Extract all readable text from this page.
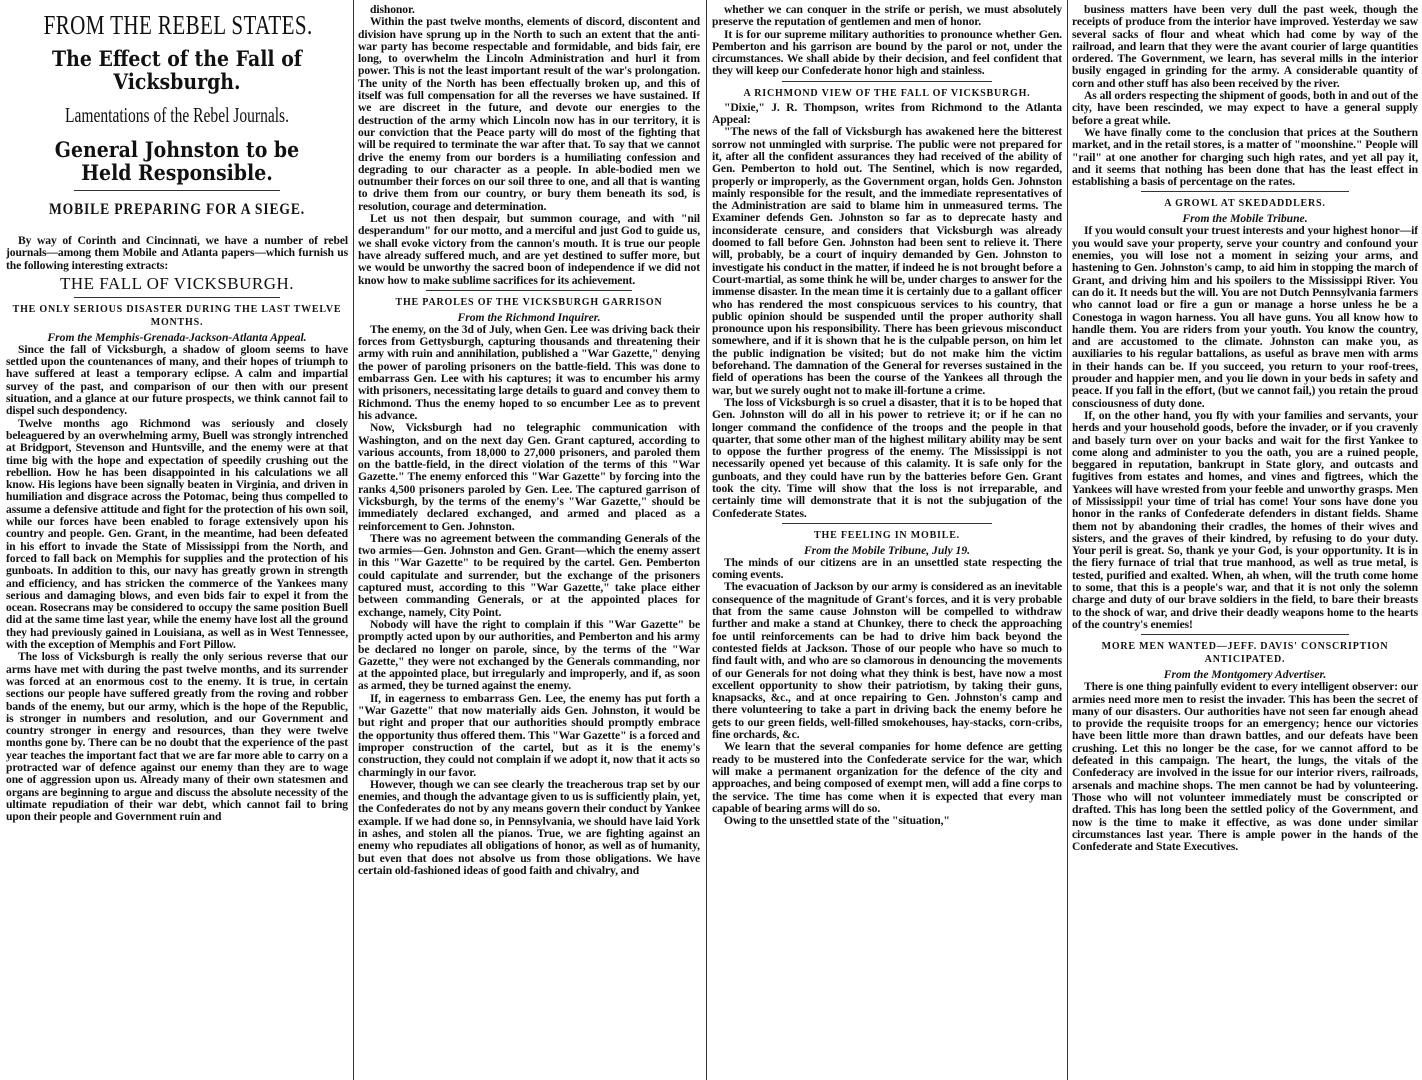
FROM THE REBEL STATES.
The Effect of the Fall of Vicksburgh.
Lamentations of the Rebel Journals.
General Johnston to be Held Responsible.
MOBILE PREPARING FOR A SIEGE.

By way of Corinth and Cincinnati, we have a number of rebel journals—among them Mobile and Atlanta papers—which furnish us the following interesting extracts:

THE FALL OF VICKSBURGH.
THE ONLY SERIOUS DISASTER DURING THE LAST TWELVE MONTHS.
From the Memphis-Grenada-Jackson-Atlanta Appeal.

Since the fall of Vicksburgh, a shadow of gloom seems to have settled upon the countenances of many, and their hopes of triumph to have suffered at least a temporary eclipse. A calm and impartial survey of the past, and comparison of our then with our present situation, and a glance at our future prospects, we think cannot fail to dispel such despondency.

Twelve months ago Richmond was seriously and closely beleaguered by an overwhelming army, Buell was strongly intrenched at Bridgport, Stevenson and Huntsville, and the enemy were at that time big with the hope and expectation of speedily crushing out the rebellion. How he has been disappointed in his calculations we all know. His legions have been signally beaten in Virginia, and driven in humiliation and disgrace across the Potomac, being thus compelled to assume a defensive attitude and fight for the protection of his own soil, while our forces have been enabled to forage extensively upon his country and people. Gen. Grant, in the meantime, had been defeated in his effort to invade the State of Mississippi from the North, and forced to fall back on Memphis for supplies and the protection of his gunboats. In addition to this, our navy has greatly grown in strength and efficiency, and has stricken the commerce of the Yankees many serious and damaging blows, and even bids fair to expel it from the ocean. Rosecrans may be considered to occupy the same position Buell did at the same time last year, while the enemy have lost all the ground they had previously gained in Louisiana, as well as in West Tennessee, with the exception of Memphis and Fort Pillow.

The loss of Vicksburgh is really the only serious reverse that our arms have met with during the past twelve months, and its surrender was forced at an enormous cost to the enemy. It is true, in certain sections our people have suffered greatly from the roving and robber bands of the enemy, but our army, which is the hope of the Republic, is stronger in numbers and resolution, and our Government and country stronger in energy and resources, than they were twelve months gone by. There can be no doubt that the experience of the past year teaches the important fact that we are far more able to carry on a protracted war of defence against our enemy than they are to wage one of aggression upon us. Already many of their own statesmen and organs are beginning to argue and discuss the absolute necessity of the ultimate repudiation of their war debt, which cannot fail to bring upon their people and Government ruin and

dishonor.

Within the past twelve months, elements of discord, discontent and division have sprung up in the North to such an extent that the anti-war party has become respectable and formidable, and bids fair, ere long, to overwhelm the Lincoln Administration and hurl it from power. This is not the least important result of the war's prolongation. The unity of the North has been effectually broken up, and this of itself was full compensation for all the reverses we have sustained. If we are discreet in the future, and devote our energies to the destruction of the army which Lincoln now has in our territory, it is our conviction that the Peace party will do most of the fighting that will be required to terminate the war after that. To say that we cannot drive the enemy from our borders is a humiliating confession and degrading to our character as a people. In able-bodied men we outnumber their forces on our soil three to one, and all that is wanting to drive them from our country, or bury them beneath its sod, is resolution, courage and determination.

Let us not then despair, but summon courage, and with "nil desperandum" for our motto, and a merciful and just God to guide us, we shall evoke victory from the cannon's mouth. It is true our people have already suffered much, and are yet destined to suffer more, but we would be unworthy the sacred boon of independence if we did not know how to make sublime sacrifices for its achievement.

THE PAROLES OF THE VICKSBURGH GARRISON
From the Richmond Inquirer.

The enemy, on the 3d of July, when Gen. Lee was driving back their forces from Gettysburgh, capturing thousands and threatening their army with ruin and annihilation, published a "War Gazette," denying the power of paroling prisoners on the battle-field. This was done to embarrass Gen. Lee with his captures; it was to encumber his army with prisoners, necessitating large details to guard and convey them to Richmond. Thus the enemy hoped to so encumber Lee as to prevent his advance.

Now, Vicksburgh had no telegraphic communication with Washington, and on the next day Gen. Grant captured, according to various accounts, from 18,000 to 27,000 prisoners, and paroled them on the battle-field, in the direct violation of the terms of this "War Gazette." The enemy enforced this "War Gazette" by forcing into the ranks 4,500 prisoners paroled by Gen. Lee. The captured garrison of Vicksburgh, by the terms of the enemy's "War Gazette," should be immediately declared exchanged, and armed and placed as a reinforcement to Gen. Johnston.

There was no agreement between the commanding Generals of the two armies—Gen. Johnston and Gen. Grant—which the enemy assert in this "War Gazette" to be required by the cartel. Gen. Pemberton could capitulate and surrender, but the exchange of the prisoners captured must, according to this "War Gazette," take place either between commanding Generals, or at the appointed places for exchange, namely, City Point.

Nobody will have the right to complain if this "War Gazette" be promptly acted upon by our authorities, and Pemberton and his army be declared no longer on parole, since, by the terms of the "War Gazette," they were not exchanged by the Generals commanding, nor at the appointed place, but irregularly and improperly, and if, as soon as armed, they be turned against the enemy.

If, in eagerness to embarrass Gen. Lee, the enemy has put forth a "War Gazette" that now materially aids Gen. Johnston, it would be but right and proper that our authorities should promptly embrace the opportunity thus offered them. This "War Gazette" is a forced and improper construction of the cartel, but as it is the enemy's construction, they could not complain if we adopt it, now that it acts so charmingly in our favor.

However, though we can see clearly the treacherous trap set by our enemies, and though the advantage given to us is sufficiently plain, yet, the Confederates do not by any means govern their conduct by Yankee example. If we had done so, in Pennsylvania, we should have laid York in ashes, and stolen all the pianos. True, we are fighting against an enemy who repudiates all obligations of honor, as well as of humanity, but even that does not absolve us from those obligations. We have certain old-fashioned ideas of good faith and chivalry, and

whether we can conquer in the strife or perish, we must absolutely preserve the reputation of gentlemen and men of honor.

It is for our supreme military authorities to pronounce whether Gen. Pemberton and his garrison are bound by the parol or not, under the circumstances. We shall abide by their decision, and feel confident that they will keep our Confederate honor high and stainless.

A RICHMOND VIEW OF THE FALL OF VICKSBURGH.

"Dixie," J. R. Thompson, writes from Richmond to the Atlanta Appeal:

"The news of the fall of Vicksburgh has awakened here the bitterest sorrow not unmingled with surprise. The public were not prepared for it, after all the confident assurances they had received of the ability of Gen. Pemberton to hold out. The Sentinel, which is now regarded, properly or improperly, as the Government organ, holds Gen. Johnston mainly responsible for the result, and the immediate representatives of the Administration are said to blame him in unmeasured terms. The Examiner defends Gen. Johnston so far as to deprecate hasty and inconsiderate censure, and considers that Vicksburgh was already doomed to fall before Gen. Johnston had been sent to relieve it. There will, probably, be a court of inquiry demanded by Gen. Johnston to investigate his conduct in the matter, if indeed he is not brought before a Court-martial, as some think he will be, under charges to answer for the immense disaster. In the mean time it is certainly due to a gallant officer who has rendered the most conspicuous services to his country, that public opinion should be suspended until the proper authority shall pronounce upon his responsibility. There has been grievous misconduct somewhere, and if it is shown that he is the culpable person, on him let the public indignation be visited; but do not make him the victim beforehand. The damnation of the General for reverses sustained in the field of operations has been the course of the Yankees all through the war, but we surely ought not to make ill-fortune a crime.

The loss of Vicksburgh is so cruel a disaster, that it is to be hoped that Gen. Johnston will do all in his power to retrieve it; or if he can no longer command the confidence of the troops and the people in that quarter, that some other man of the highest military ability may be sent to oppose the further progress of the enemy. The Mississippi is not necessarily opened yet because of this calamity. It is safe only for the gunboats, and they could have run by the batteries before Gen. Grant took the city. Time will show that the loss is not irreparable, and certainly time will demonstrate that it is not the subjugation of the Confederate States.

THE FEELING IN MOBILE.
From the Mobile Tribune, July 19.

The minds of our citizens are in an unsettled state respecting the coming events.

The evacuation of Jackson by our army is considered as an inevitable consequence of the magnitude of Grant's forces, and it is very probable that from the same cause Johnston will be compelled to withdraw further and make a stand at Chunkey, there to check the approaching foe until reinforcements can be had to drive him back beyond the contested fields at Jackson. Those of our people who have so much to find fault with, and who are so clamorous in denouncing the movements of our Generals for not doing what they think is best, have now a most excellent opportunity to show their patriotism, by taking their guns, knapsacks, &c., and at once repairing to Gen. Johnston's camp and there volunteering to take a part in driving back the enemy before he gets to our green fields, well-filled smokehouses, hay-stacks, corn-cribs, fine orchards, &c.

We learn that the several companies for home defence are getting ready to be mustered into the Confederate service for the war, which will make a permanent organization for the defence of the city and approaches, and being composed of exempt men, will add a fine corps to the service. The time has come when it is expected that every man capable of bearing arms will do so.

Owing to the unsettled state of the "situation,"

business matters have been very dull the past week, though the receipts of produce from the interior have improved. Yesterday we saw several sacks of flour and wheat which had come by way of the railroad, and learn that they were the avant courier of large quantities ordered. The Government, we learn, has several mills in the interior busily engaged in grinding for the army. A considerable quantity of corn and other stuff has also been received by the river.

As all orders respecting the shipment of goods, both in and out of the city, have been rescinded, we may expect to have a general supply before a great while.

We have finally come to the conclusion that prices at the Southern market, and in the retail stores, is a matter of "moonshine." People will "rail" at one another for charging such high rates, and yet all pay it, and it seems that nothing has been done that has the least effect in establishing a basis of percentage on the rates.

A GROWL AT SKEDADDLERS.
From the Mobile Tribune.

If you would consult your truest interests and your highest honor—if you would save your property, serve your country and confound your enemies, you will lose not a moment in seizing your arms, and hastening to Gen. Johnston's camp, to aid him in stopping the march of Grant, and driving him and his spoilers to the Mississippi River. You can do it. It needs but the will. You are not Dutch Pennsylvania farmers who cannot load or fire a gun or manage a horse unless he be a Conestoga in wagon harness. You all have guns. You all know how to handle them. You are riders from your youth. You know the country, and are accustomed to the climate. Johnston can make you, as auxiliaries to his regular battalions, as useful as brave men with arms in their hands can be. If you succeed, you return to your roof-trees, prouder and happier men, and you lie down in your beds in safety and peace. If you fall in the effort, (but we cannot fail,) you retain the proud consciousness of duty done.

If, on the other hand, you fly with your families and servants, your herds and your household goods, before the invader, or if you cravenly and basely turn over on your backs and wait for the first Yankee to come along and administer to you the oath, you are a ruined people, beggared in reputation, bankrupt in State glory, and outcasts and fugitives from estates and homes, and vines and figtrees, which the Yankees will have wrested from your feeble and unworthy grasps. Men of Mississippi! your time of trial has come! Your sons have done you honor in the ranks of Confederate defenders in distant fields. Shame them not by abandoning their cradles, the homes of their wives and sisters, and the graves of their kindred, by refusing to do your duty. Your peril is great. So, thank ye your God, is your opportunity. It is in the fiery furnace of trial that true manhood, as well as true metal, is tested, purified and exalted. When, ah when, will the truth come home to some, that this is a people's war, and that it is not only the solemn charge and duty of our brave soldiers in the field, to bare their breasts to the shock of war, and drive their deadly weapons home to the hearts of the country's enemies!

MORE MEN WANTED—JEFF. DAVIS' CONSCRIPTION ANTICIPATED.
From the Montgomery Advertiser.

There is one thing painfully evident to every intelligent observer: our armies need more men to resist the invader. This has been the secret of many of our disasters. Our authorities have not seen far enough ahead to provide the requisite troops for an emergency; hence our victories have been little more than drawn battles, and our defeats have been crushing. Let this no longer be the case, for we cannot afford to be defeated in this campaign. The heart, the lungs, the vitals of the Confederacy are involved in the issue for our interior rivers, railroads, arsenals and machine shops. The men cannot be had by volunteering. Those who will not volunteer immediately must be conscripted or drafted. This has long been the settled policy of the Government, and now is the time to make it effective, as was done under similar circumstances last year. There is ample power in the hands of the Confederate and State Executives.
